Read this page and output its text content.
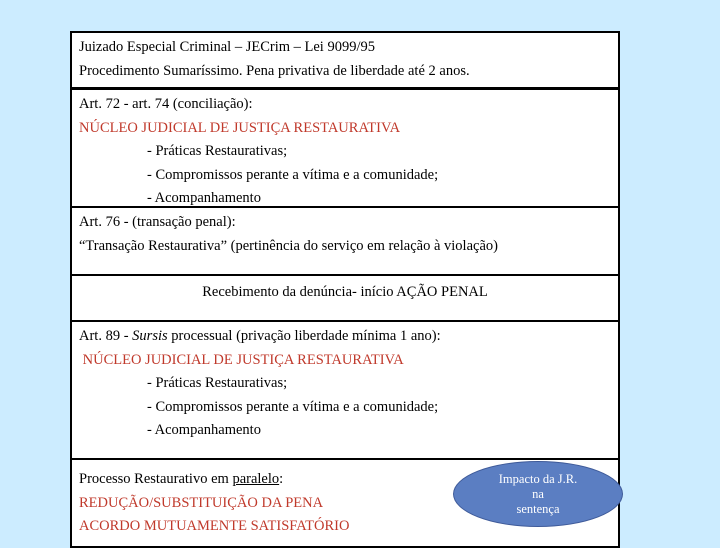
Juizado Especial Criminal – JECrim – Lei 9099/95
Procedimento Sumaríssimo. Pena privativa de liberdade até 2 anos.
Art. 72 - art. 74 (conciliação):
NÚCLEO JUDICIAL DE JUSTIÇA RESTAURATIVA
- Práticas Restaurativas;
- Compromissos perante a vítima e a comunidade;
- Acompanhamento
Art. 76 - (transação penal):
“Transação Restaurativa” (pertinência do serviço em relação à violação)
Recebimento da denúncia- início AÇÃO PENAL
Art. 89 - Sursis processual (privação liberdade mínima 1 ano):
NÚCLEO JUDICIAL DE JUSTIÇA RESTAURATIVA
- Práticas Restaurativas;
- Compromissos perante a vítima e a comunidade;
- Acompanhamento
Processo Restaurativo em paralelo:
REDUÇÃO/SUBSTITUIÇÃO DA PENA
ACORDO MUTUAMENTE SATISFATÓRIO
Impacto da J.R.
na
sentença
